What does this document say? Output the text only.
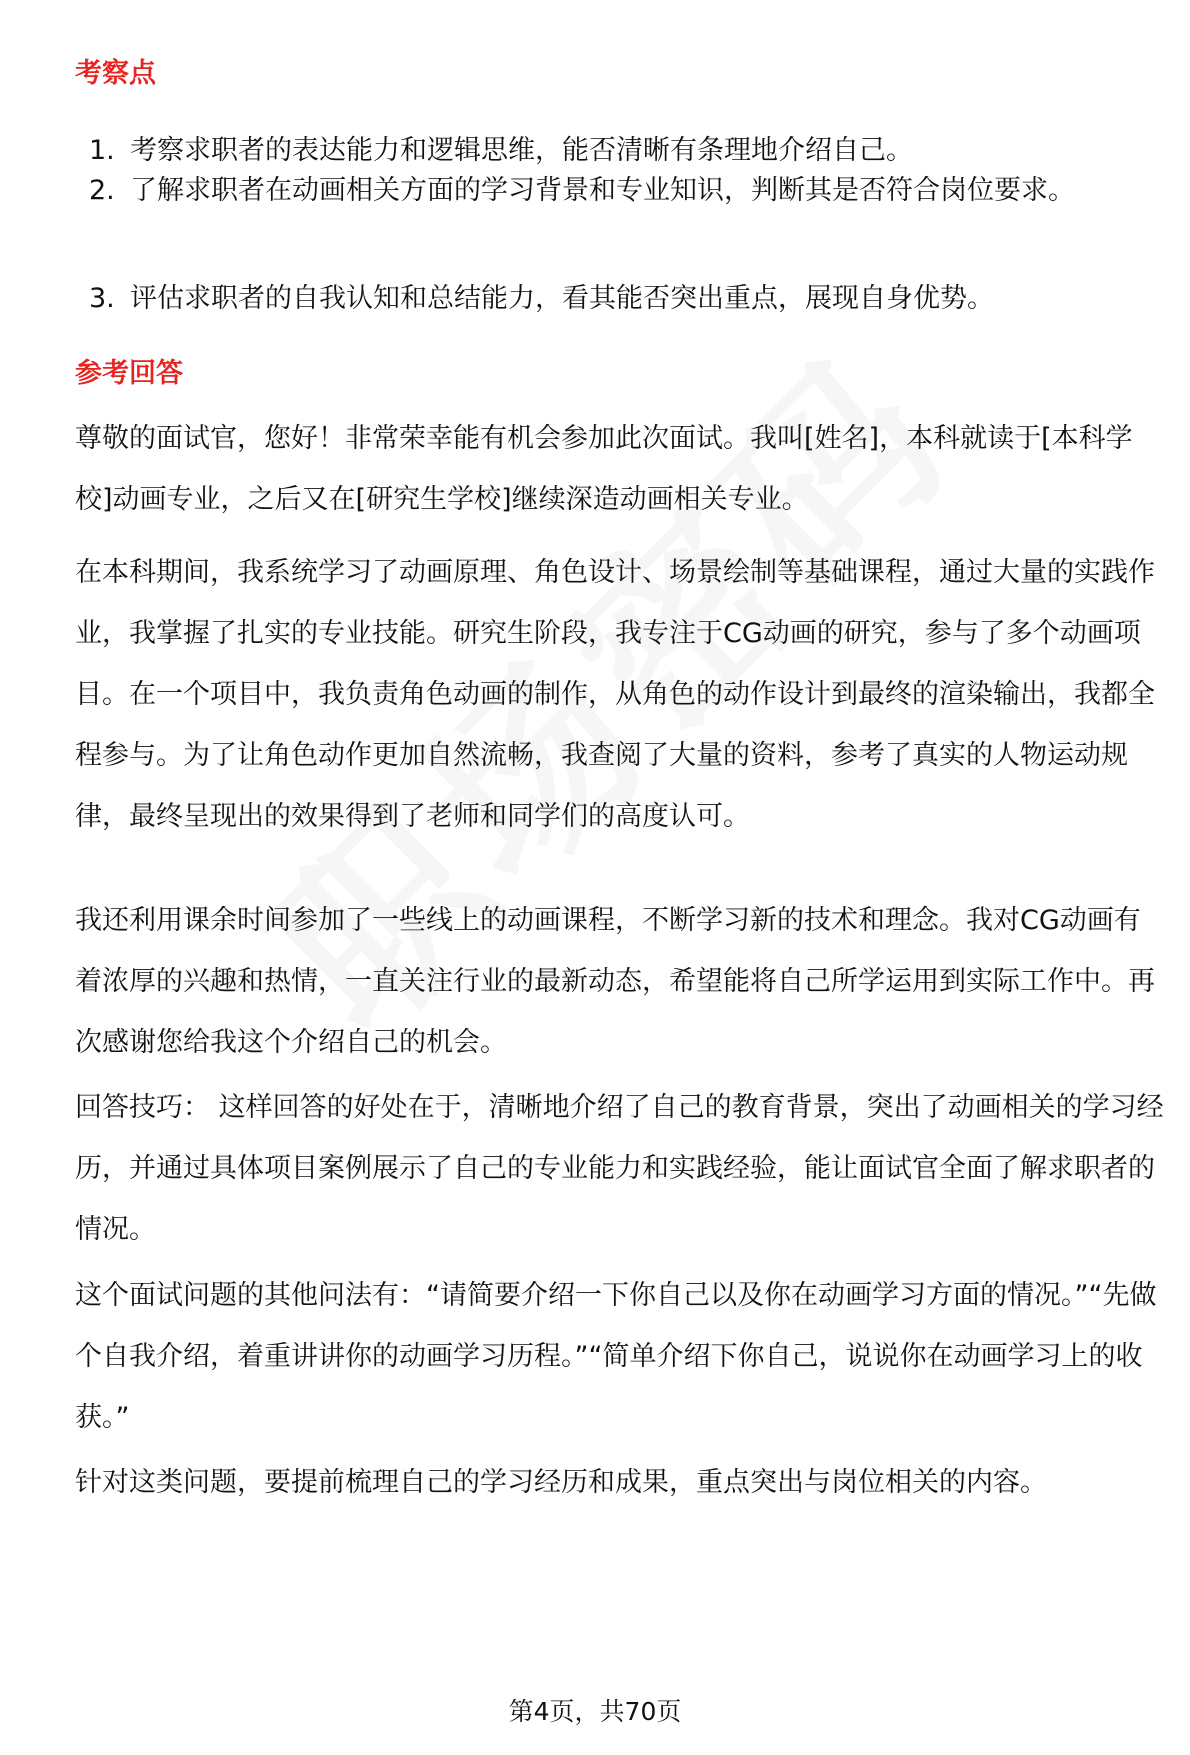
考察点
1. 考察求职者的表达能力和逻辑思维，能否清晰有条理地介绍自己。
2. 了解求职者在动画相关方面的学习背景和专业知识，判断其是否符合岗位要求。
3. 评估求职者的自我认知和总结能力，看其能否突出重点，展现自身优势。
参考回答
尊敬的面试官，您好！非常荣幸能有机会参加此次面试。我叫[姓名]，本科就读于[本科学校]动画专业，之后又在[研究生学校]继续深造动画相关专业。
在本科期间，我系统学习了动画原理、角色设计、场景绘制等基础课程，通过大量的实践作业，我掌握了扎实的专业技能。研究生阶段，我专注于CG动画的研究，参与了多个动画项目。在一个项目中，我负责角色动画的制作，从角色的动作设计到最终的渲染输出，我都全程参与。为了让角色动作更加自然流畅，我查阅了大量的资料，参考了真实的人物运动规律，最终呈现出的效果得到了老师和同学们的高度认可。
我还利用课余时间参加了一些线上的动画课程，不断学习新的技术和理念。我对CG动画有着浓厚的兴趣和热情，一直关注行业的最新动态，希望能将自己所学运用到实际工作中。再次感谢您给我这个介绍自己的机会。
回答技巧： 这样回答的好处在于，清晰地介绍了自己的教育背景，突出了动画相关的学习经历，并通过具体项目案例展示了自己的专业能力和实践经验，能让面试官全面了解求职者的情况。
这个面试问题的其他问法有：“请简要介绍一下你自己以及你在动画学习方面的情况。”“先做个自我介绍，着重讲讲你的动画学习历程。”“简单介绍下你自己，说说你在动画学习上的收获。”
针对这类问题，要提前梳理自己的学习经历和成果，重点突出与岗位相关的内容。
第4页，共70页
